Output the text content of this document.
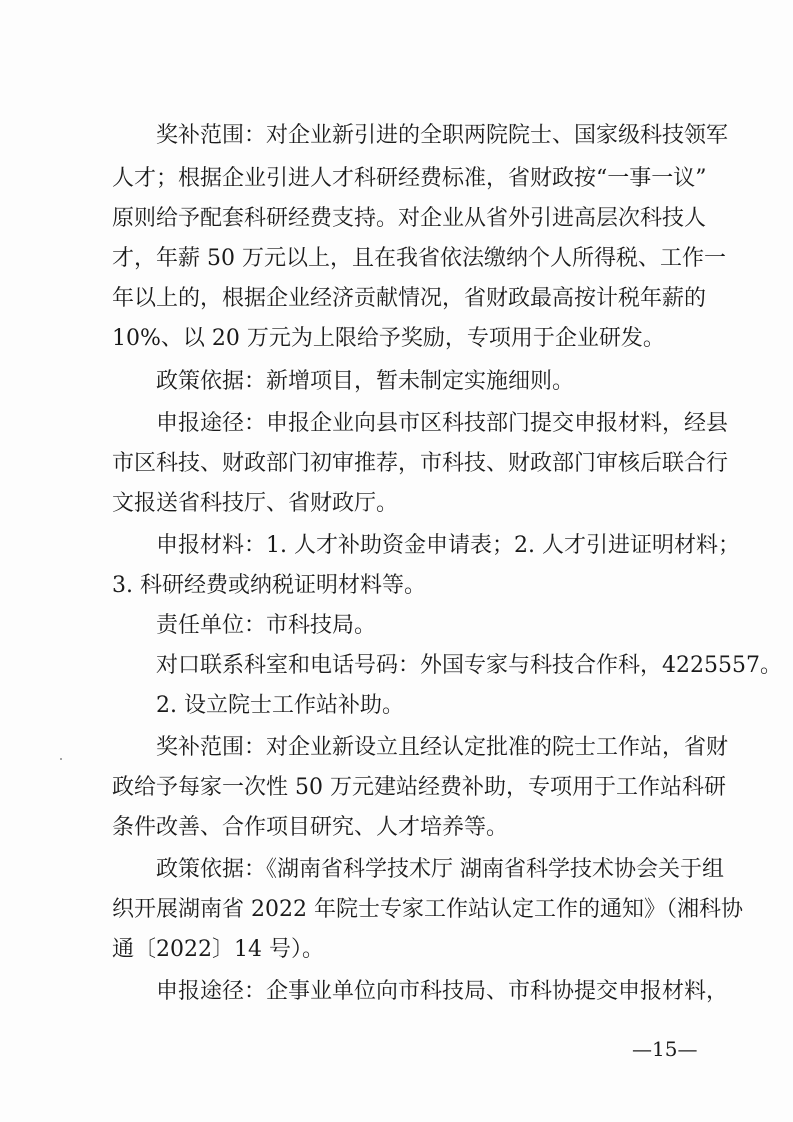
奖补范围：对企业新引进的全职两院院士、国家级科技领军
人才；根据企业引进人才科研经费标准，省财政按“一事一议”
原则给予配套科研经费支持。对企业从省外引进高层次科技人
才，年薪 50 万元以上，且在我省依法缴纳个人所得税、工作一
年以上的，根据企业经济贡献情况，省财政最高按计税年薪的
10%、以 20 万元为上限给予奖励，专项用于企业研发。
政策依据：新增项目，暂未制定实施细则。
申报途径：申报企业向县市区科技部门提交申报材料，经县
市区科技、财政部门初审推荐，市科技、财政部门审核后联合行
文报送省科技厅、省财政厅。
申报材料：1. 人才补助资金申请表；2. 人才引进证明材料；
3. 科研经费或纳税证明材料等。
责任单位：市科技局。
对口联系科室和电话号码：外国专家与科技合作科，4225557。
2. 设立院士工作站补助。
奖补范围：对企业新设立且经认定批准的院士工作站，省财
政给予每家一次性 50 万元建站经费补助，专项用于工作站科研
条件改善、合作项目研究、人才培养等。
政策依据：《湖南省科学技术厅 湖南省科学技术协会关于组
织开展湖南省 2022 年院士专家工作站认定工作的通知》（湘科协
通〔2022〕14 号）。
申报途径：企事业单位向市科技局、市科协提交申报材料，
—15—
